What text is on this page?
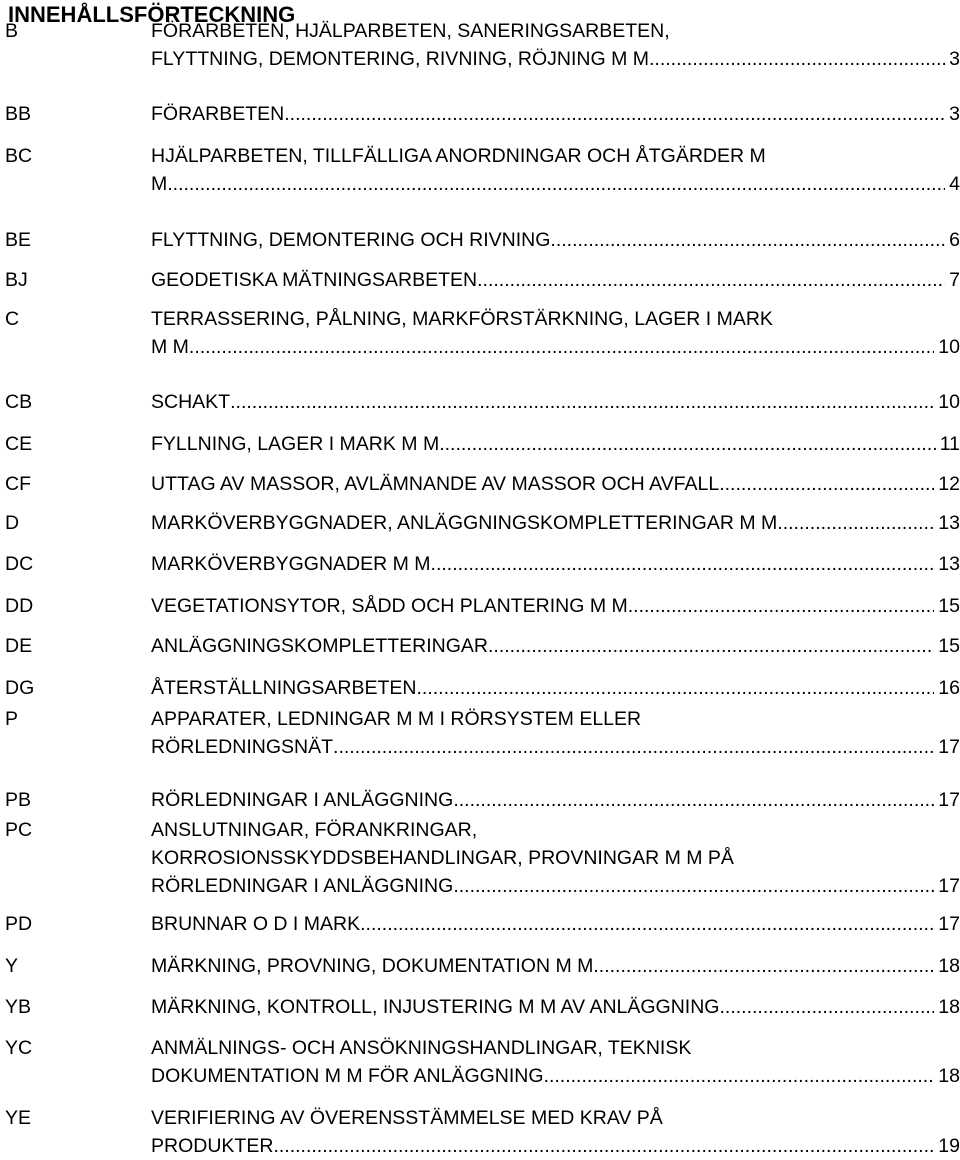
INNEHÅLLSFÖRTECKNING
B	FÖRARBETEN, HJÄLPARBETEN, SANERINGSARBETEN,
FLYTTNING, DEMONTERING, RIVNING, RÖJNING M M .....	3
BB	FÖRARBETEN .....	3
BC	HJÄLPARBETEN, TILLFÄLLIGA ANORDNINGAR OCH ÅTGÄRDER M
M .....	4
BE	FLYTTNING, DEMONTERING OCH RIVNING .....	6
BJ	GEODETISKA MÄTNINGSARBETEN .....	7
C	TERRASSERING, PÅLNING, MARKFÖRSTÄRKNING, LAGER I MARK
M M .....	10
CB	SCHAKT .....	10
CE	FYLLNING, LAGER I MARK M M .....	11
CF	UTTAG AV MASSOR, AVLÄMNANDE AV MASSOR OCH AVFALL .....	12
D	MARKÖVERBYGGNADER, ANLÄGGNINGSKOMPLETTERINGAR M M .....	13
DC	MARKÖVERBYGGNADER M M .....	13
DD	VEGETATIONSYTOR, SÅDD OCH PLANTERING M M .....	15
DE	ANLÄGGNINGSKOMPLETTERINGAR .....	15
DG	ÅTERSTÄLLNINGSARBETEN .....	16
P	APPARATER, LEDNINGAR M M I RÖRSYSTEM ELLER
RÖRLEDNINGSNÄT .....	17
PB	RÖRLEDNINGAR I ANLÄGGNING .....	17
PC	ANSLUTNINGAR, FÖRANKRINGAR,
KORROSIONSSKYDDSBEHANDLINGAR, PROVNINGAR M M PÅ
RÖRLEDNINGAR I ANLÄGGNING .....	17
PD	BRUNNAR O D I MARK .....	17
Y	MÄRKNING, PROVNING, DOKUMENTATION M M .....	18
YB	MÄRKNING, KONTROLL, INJUSTERING M M AV ANLÄGGNING .....	18
YC	ANMÄLNINGS- OCH ANSÖKNINGSHANDLINGAR, TEKNISK
DOKUMENTATION M M FÖR ANLÄGGNING .....	18
YE	VERIFIERING AV ÖVERENSSTÄMMELSE MED KRAV PÅ
PRODUKTER .....	19
